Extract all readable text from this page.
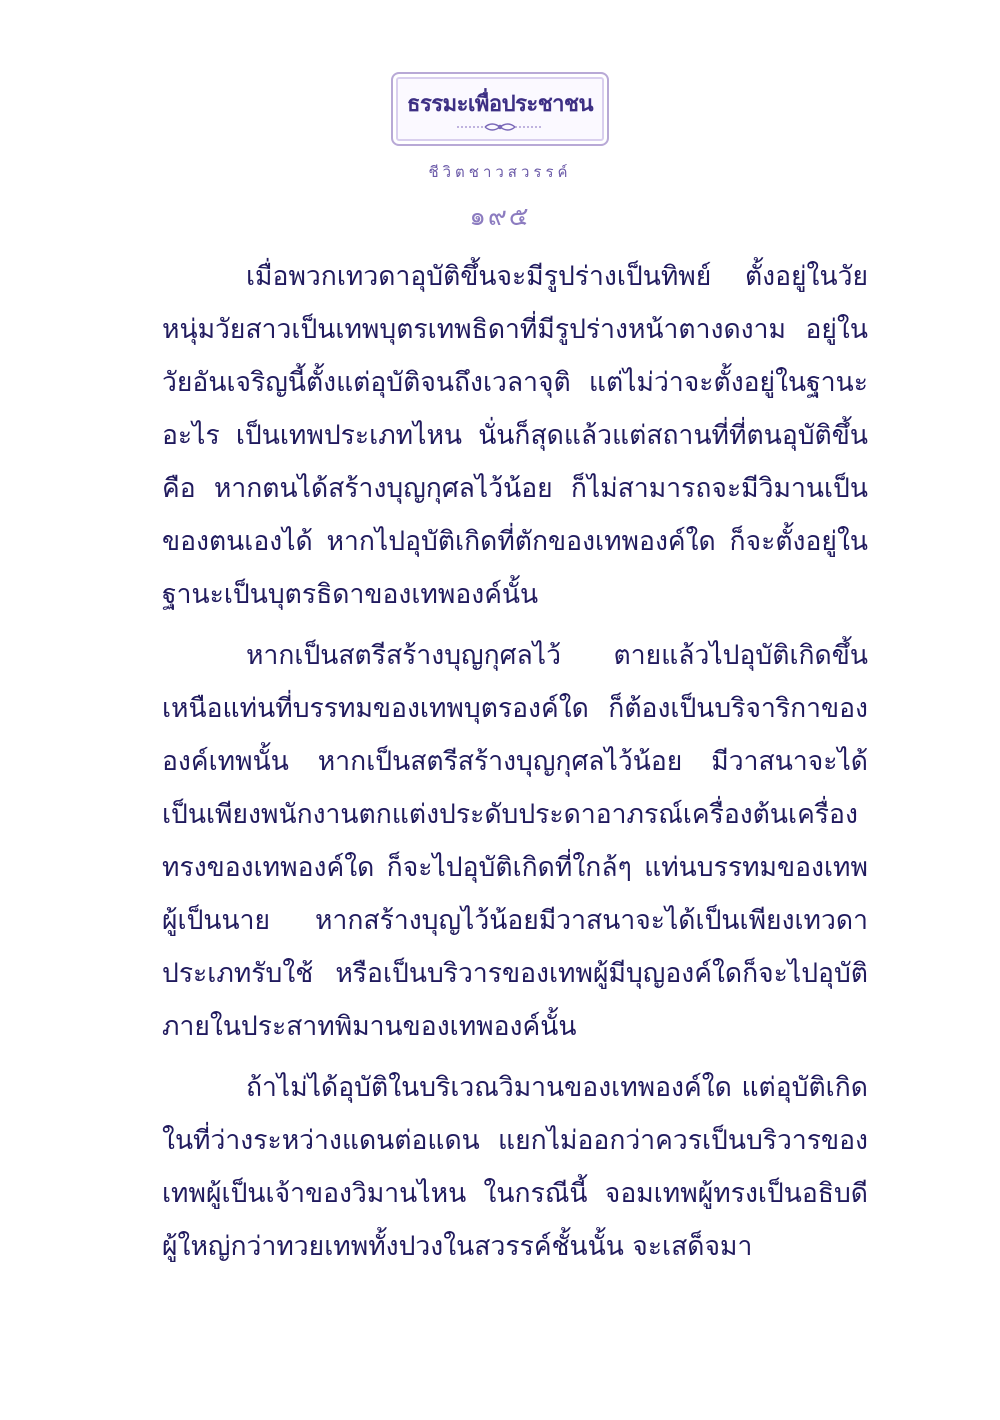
ธรรมะเพื่อประชาชน
ชีวิตชาวสวรรค์
๑๙๕

เมื่อพวกเทวดาอุบัติขึ้นจะมีรูปร่างเป็นทิพย์ ตั้งอยู่ในวัยหนุ่มวัยสาวเป็นเทพบุตรเทพธิดาที่มีรูปร่างหน้าตางดงาม อยู่ในวัยอันเจริญนี้ตั้งแต่อุบัติจนถึงเวลาจุติ แต่ไม่ว่าจะตั้งอยู่ในฐานะอะไร เป็นเทพประเภทไหน นั่นก็สุดแล้วแต่สถานที่ที่ตนอุบัติขึ้น คือ หากตนได้สร้างบุญกุศลไว้น้อย ก็ไม่สามารถจะมีวิมานเป็นของตนเองได้ หากไปอุบัติเกิดที่ตักของเทพองค์ใด ก็จะตั้งอยู่ในฐานะเป็นบุตรธิดาของเทพองค์นั้น

หากเป็นสตรีสร้างบุญกุศลไว้ ตายแล้วไปอุบัติเกิดขึ้นเหนือแท่นที่บรรทมของเทพบุตรองค์ใด ก็ต้องเป็นบริจาริกาขององค์เทพนั้น หากเป็นสตรีสร้างบุญกุศลไว้น้อย มีวาสนาจะได้เป็นเพียงพนักงานตกแต่งประดับประดาอาภรณ์เครื่องต้นเครื่องทรงของเทพองค์ใด ก็จะไปอุบัติเกิดที่ใกล้ๆ แท่นบรรทมของเทพผู้เป็นนาย หากสร้างบุญไว้น้อยมีวาสนาจะได้เป็นเพียงเทวดาประเภทรับใช้ หรือเป็นบริวารของเทพผู้มีบุญองค์ใดก็จะไปอุบัติภายในประสาทพิมานของเทพองค์นั้น

ถ้าไม่ได้อุบัติในบริเวณวิมานของเทพองค์ใด แต่อุบัติเกิดในที่ว่างระหว่างแดนต่อแดน แยกไม่ออกว่าควรเป็นบริวารของเทพผู้เป็นเจ้าของวิมานไหน ในกรณีนี้ จอมเทพผู้ทรงเป็นอธิบดีผู้ใหญ่กว่าทวยเทพทั้งปวงในสวรรค์ชั้นนั้น จะเสด็จมา
